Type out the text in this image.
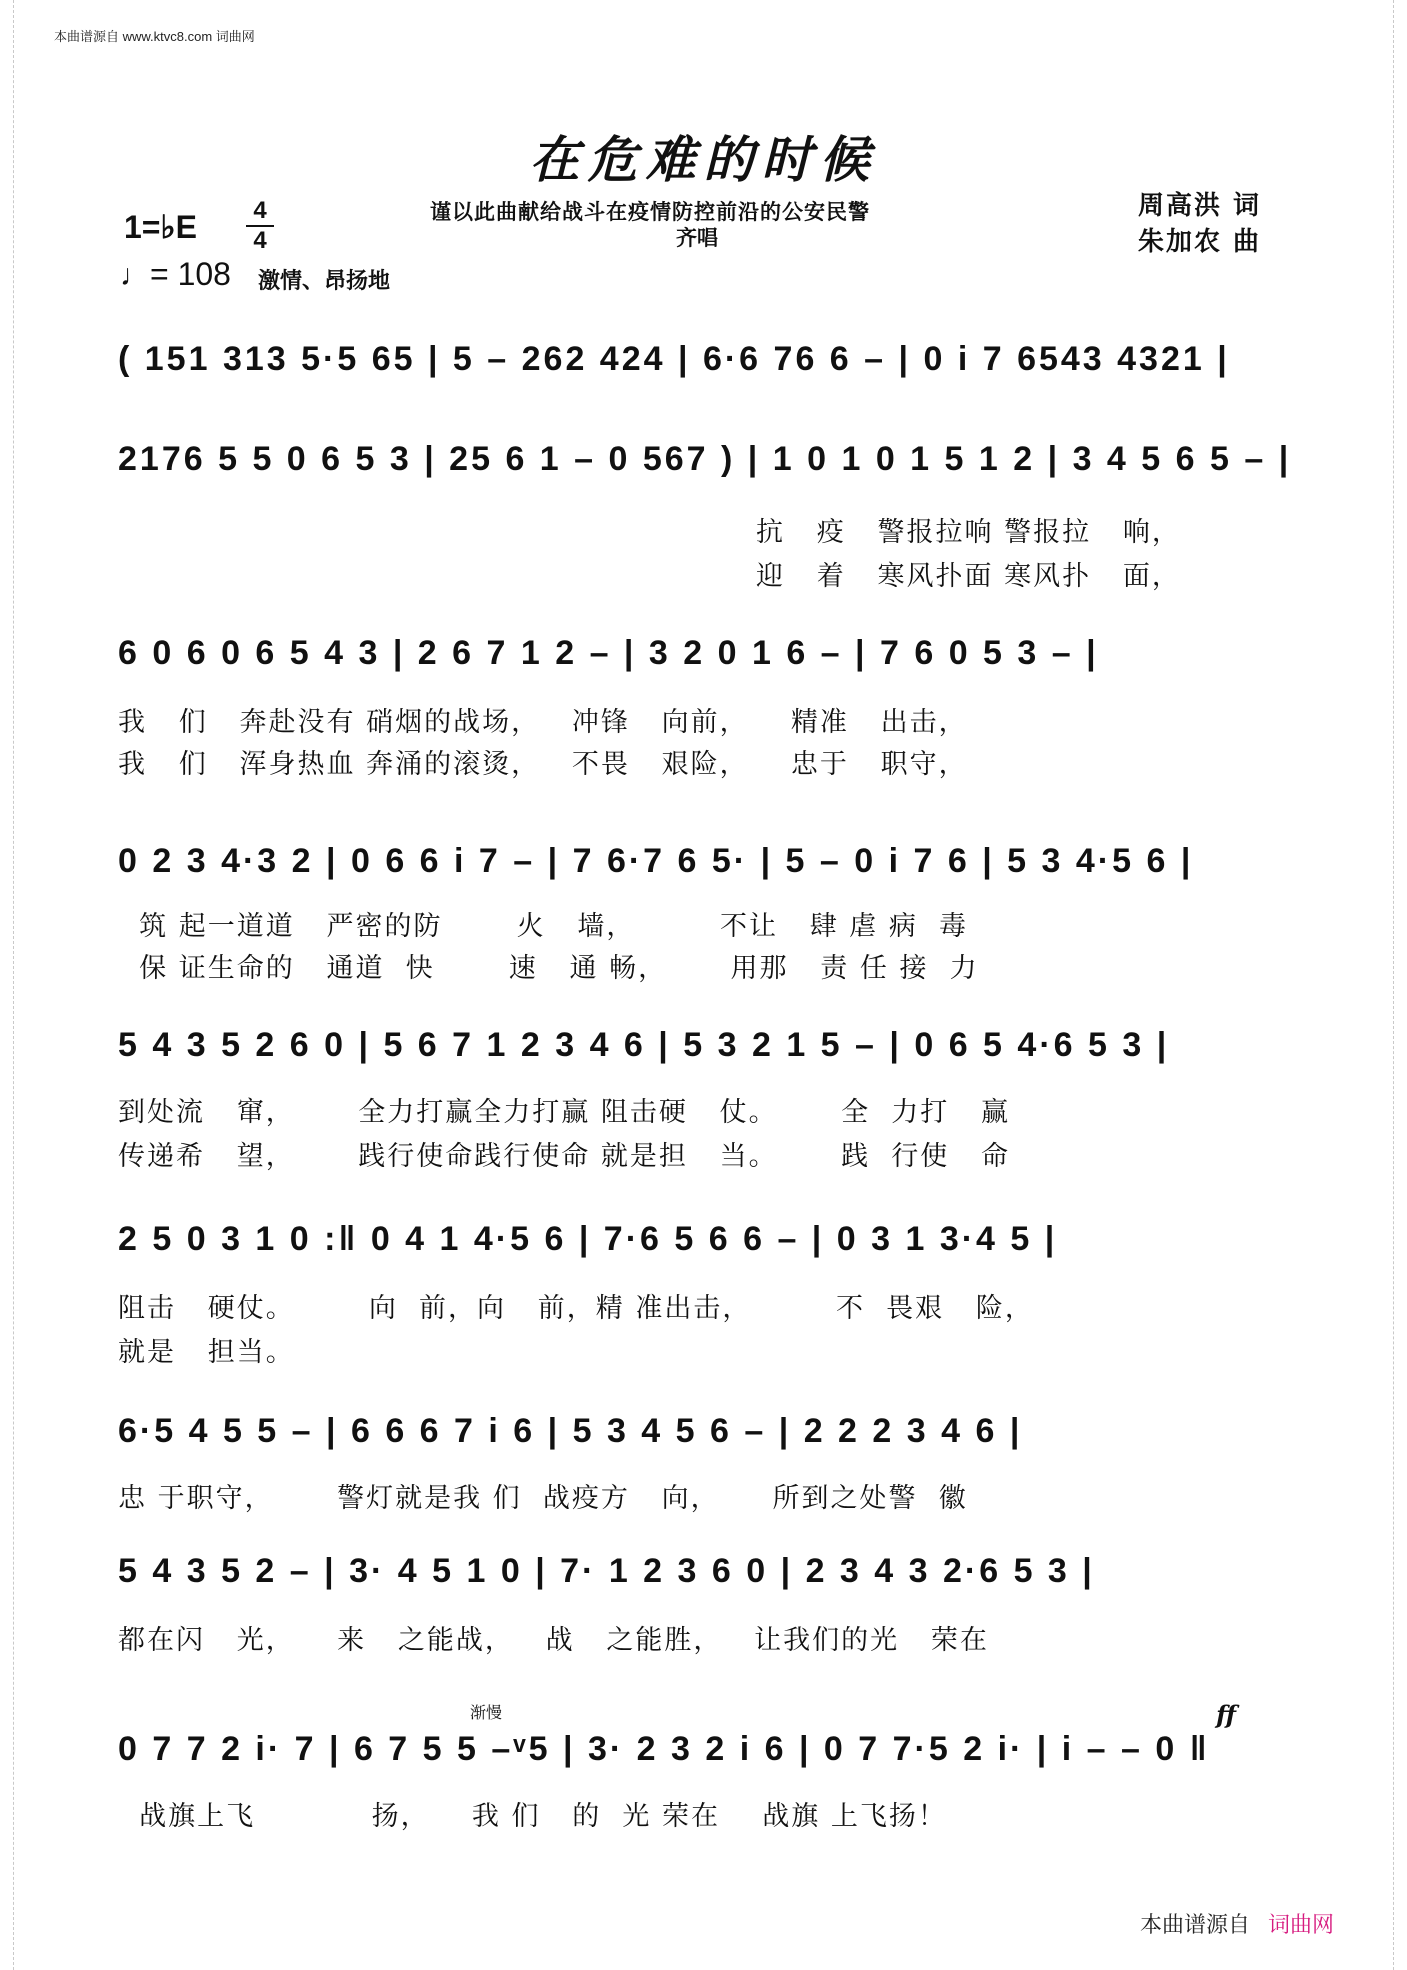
本曲谱源自 www.ktvc8.com 词曲网
在危难的时候
1=♭E	4
4
♩= 108 激情、昂扬地
谨以此曲献给战斗在疫情防控前沿的公安民警
齐唱
周高洪 词
朱加农 曲
( 151 313 5·5 65 | 5 – 262 424 | 6·6 76 6 – | 0 i 7 6543 4321 |
2176 5 5 0 6 5 3 | 25 6 1 – 0 567 ) | 1 0 1 0 1 5 1 2 | 3 4 5 6 5 – |
抗   疫   警报拉响 警报拉   响，
迎   着   寒风扑面 寒风扑   面，
6 0 6 0 6 5 4 3 | 2 6 7 1 2 – | 3 2 0 1 6 – | 7 6 0 5 3 – |
我   们   奔赴没有 硝烟的战场，   冲锋   向前，    精准   出击，
我   们   浑身热血 奔涌的滚烫，   不畏   艰险，    忠于   职守，
0 2 3 4·3 2 | 0 6 6 i 7 – | 7 6·7 6 5· | 5 – 0 i 7 6 | 5 3 4·5 6 |
筑 起一道道   严密的防       火   墙，        不让   肆 虐 病  毒
保 证生命的   通道  快       速   通 畅，      用那   责 任 接  力
5 4 3 5 2 6 0 | 5 6 7 1 2 3 4 6 | 5 3 2 1 5 – | 0 6 5 4·6 5 3 |
到处流   窜，      全力打赢全力打赢 阻击硬   仗。      全  力打   赢
传递希   望，      践行使命践行使命 就是担   当。      践  行使   命
2 5 0 3 1 0 :‖ 0 4 1 4·5 6 | 7·6 5 6 6 – | 0 3 1 3·4 5 |
阻击   硬仗。       向  前，向   前，精 准出击，        不  畏艰   险，
就是   担当。
6·5 4 5 5 – | 6 6 6 7 i 6 | 5 3 4 5 6 – | 2 2 2 3 4 6 |
忠 于职守，      警灯就是我 们  战疫方   向，     所到之处警  徽
5 4 3 5 2 – | 3· 4 5 1 0 | 7· 1 2 3 6 0 | 2 3 4 3 2·6 5 3 |
都在闪   光，    来   之能战，   战   之能胜，   让我们的光   荣在
渐慢	ff
0 7 7 2 i· 7 | 6 7 5 5 –ᵛ5 | 3· 2 3 2 i 6 | 0 7 7·5 2 i· | i – – 0 ‖
战旗上飞           扬，    我 们   的  光 荣在    战旗 上飞扬！
本曲谱源自 词曲网
